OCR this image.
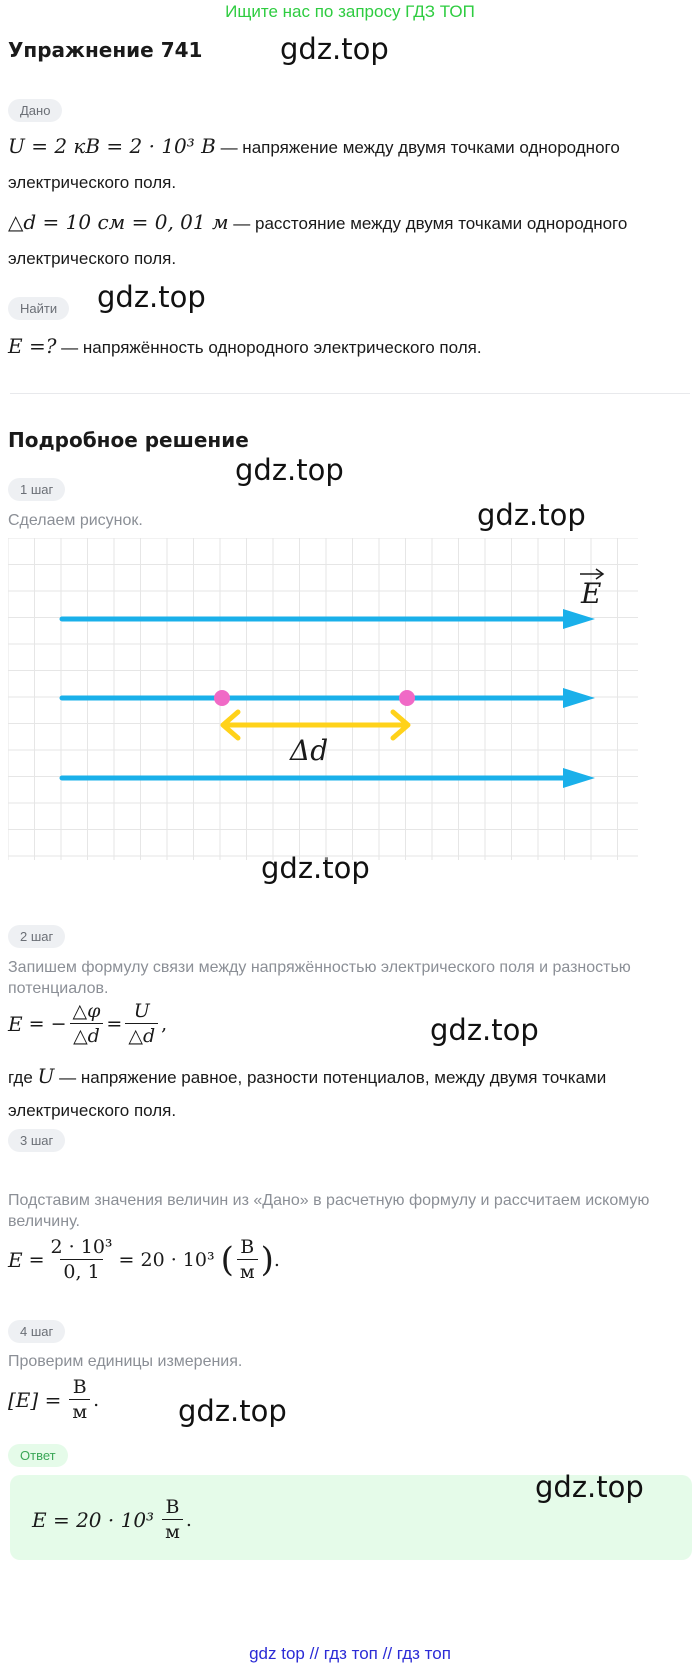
Ищите нас по запросу ГДЗ ТОП
Упражнение 741	gdz.top
gdz.top
gdz.top
gdz.top
gdz.top
gdz.top
gdz.top
Дано
U = 2 кВ = 2 · 10³ В — напряжение между двумя точками однородного
электрического поля.
△d = 10 см = 0, 01 м — расстояние между двумя точками однородного
электрического поля.
Найти
E =? — напряжённость однородного электрического поля.
Подробное решение
1 шаг
Сделаем рисунок.
E
Δd
2 шаг
Запишем формулу связи между напряжённостью электрического поля и разностью
потенциалов.
E = − $\frac{\triangle\varphi}{\triangle d} = \frac{U}{\triangle d}$ ,
где U — напряжение равное, разности потенциалов, между двумя точками
электрического поля.
3 шаг
Подставим значения величин из «Дано» в расчетную формулу и рассчитаем искомую
величину.
$E = \frac{\text{2 · 10³}}{0, 1} = 20 \cdot 10^3$ ( $\frac{В}{м}$ ) .
4 шаг
Проверим единицы измерения.
$[E] = \frac{В}{м}$ .
Ответ
gdz.top
$E = 20 \cdot 10^3 \frac{В}{м}$ .
gdz top // гдз топ // гдз топ
